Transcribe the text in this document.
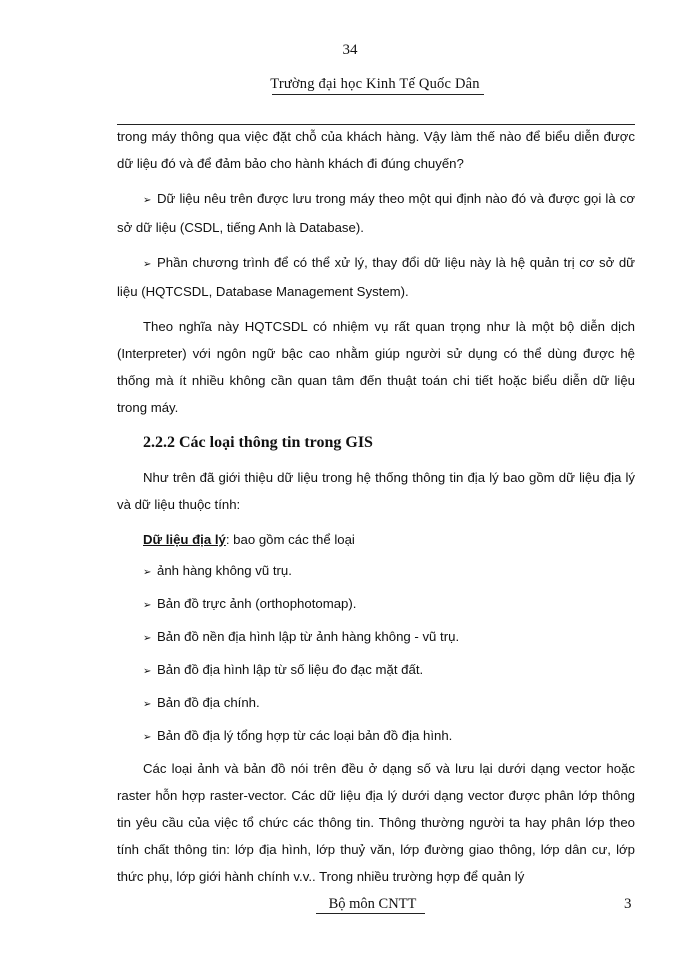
34
Trường đại học Kinh Tế Quốc Dân

trong máy thông qua việc đặt chỗ của khách hàng. Vậy làm thế nào để biểu diễn được dữ liệu đó và để đảm bảo cho hành khách đi đúng chuyến?

➢ Dữ liệu nêu trên được lưu trong máy theo một qui định nào đó và được gọi là cơ sở dữ liệu (CSDL, tiếng Anh là Database).

➢ Phần chương trình để có thể xử lý, thay đổi dữ liệu này là hệ quản trị cơ sở dữ liệu (HQTCSDL, Database Management System).

Theo nghĩa này HQTCSDL có nhiệm vụ rất quan trọng như là một bộ diễn dịch (Interpreter) với ngôn ngữ bậc cao nhằm giúp người sử dụng có thể dùng được hệ thống mà ít nhiều không cần quan tâm đến thuật toán chi tiết hoặc biểu diễn dữ liệu trong máy.

2.2.2 Các loại thông tin trong GIS

Như trên đã giới thiệu dữ liệu trong hệ thống thông tin địa lý bao gồm dữ liệu địa lý và dữ liệu thuộc tính:

Dữ liệu địa lý: bao gồm các thể loại

➢ ảnh hàng không vũ trụ.

➢ Bản đồ trực ảnh (orthophotomap).

➢ Bản đồ nền địa hình lập từ ảnh hàng không - vũ trụ.

➢ Bản đồ địa hình lập từ số liệu đo đạc mặt đất.

➢ Bản đồ địa chính.

➢ Bản đồ địa lý tổng hợp từ các loại bản đồ địa hình.

Các loại ảnh và bản đồ nói trên đều ở dạng số và lưu lại dưới dạng vector hoặc raster hỗn hợp raster-vector. Các dữ liệu địa lý dưới dạng vector được phân lớp thông tin yêu cầu của việc tổ chức các thông tin. Thông thường người ta hay phân lớp theo tính chất thông tin: lớp địa hình, lớp thuỷ văn, lớp đường giao thông, lớp dân cư, lớp thức phụ, lớp giới hành chính v.v.. Trong nhiều trường hợp để quản lý

Bộ môn CNTT	3
